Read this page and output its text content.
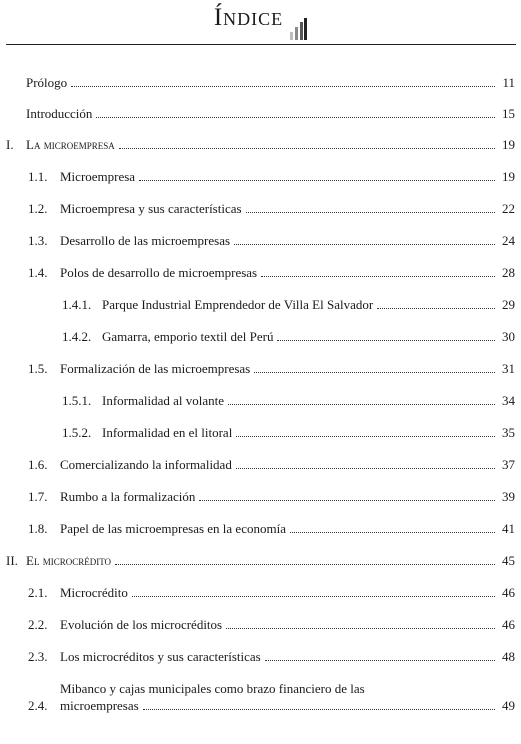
Índice
Prólogo	11
Introducción	15
I. La microempresa	19
1.1. Microempresa	19
1.2. Microempresa y sus características	22
1.3. Desarrollo de las microempresas	24
1.4. Polos de desarrollo de microempresas	28
1.4.1. Parque Industrial Emprendedor de Villa El Salvador	29
1.4.2. Gamarra, emporio textil del Perú	30
1.5. Formalización de las microempresas	31
1.5.1. Informalidad al volante	34
1.5.2. Informalidad en el litoral	35
1.6. Comercializando la informalidad	37
1.7. Rumbo a la formalización	39
1.8. Papel de las microempresas en la economía	41
II. El microcrédito	45
2.1. Microcrédito	46
2.2. Evolución de los microcréditos	46
2.3. Los microcréditos y sus características	48
2.4.
Mibanco y cajas municipales como brazo financiero de las
microempresas	49
